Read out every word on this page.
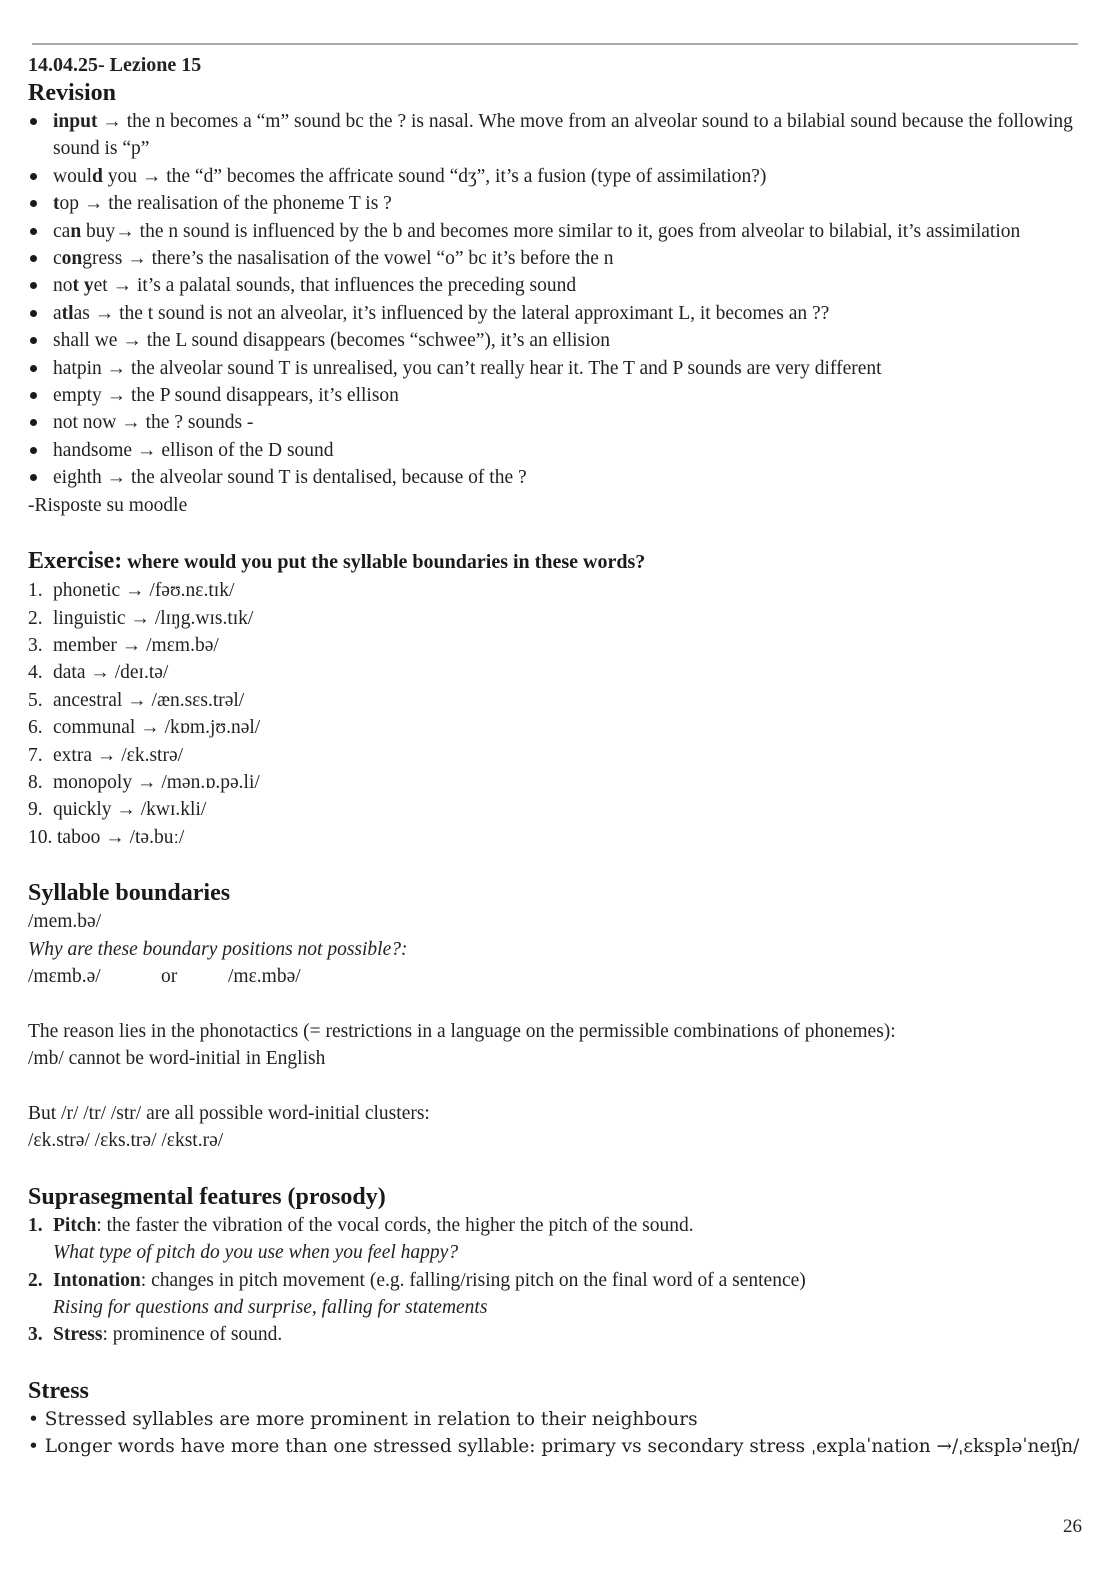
14.04.25- Lezione 15
Revision
input → the n becomes a “m” sound bc the ? is nasal. Whe move from an alveolar sound to a bilabial sound because the following sound is “p”
would you → the “d” becomes the affricate sound “dʒ”, it’s a fusion (type of assimilation?)
top → the realisation of the phoneme T is ?
can buy→ the n sound is influenced by the b and becomes more similar to it, goes from alveolar to bilabial, it’s assimilation
congress → there’s the nasalisation of the vowel “o” bc it’s before the n
not yet → it’s a palatal sounds, that influences the preceding sound
atlas → the t sound is not an alveolar, it’s influenced by the lateral approximant L, it becomes an ??
shall we → the L sound disappears (becomes “schwee”), it’s an ellision
hatpin → the alveolar sound T is unrealised, you can’t really hear it. The T and P sounds are very different
empty → the P sound disappears, it’s ellison
not now → the ? sounds -
handsome → ellison of the D sound
eighth → the alveolar sound T is dentalised, because of the ?

-Risposte su moodle

Exercise: where would you put the syllable boundaries in these words?
1. phonetic → /fəʊ.nɛ.tɪk/
2. linguistic → /lɪŋg.wɪs.tɪk/
3. member → /mɛm.bə/
4. data → /deɪ.tə/
5. ancestral → /æn.sɛs.trəl/
6. communal → /kɒm.jʊ.nəl/
7. extra → /ɛk.strə/
8. monopoly → /mən.ɒ.pə.li/
9. quickly → /kwɪ.kli/
10. taboo → /tə.buː/
Syllable boundaries

/mem.bə/

Why are these boundary positions not possible?:

/mɛmb.ə/	or	/mɛ.mbə/

The reason lies in the phonotactics (= restrictions in a language on the permissible combinations of phonemes):

/mb/ cannot be word-initial in English

But /r/ /tr/ /str/ are all possible word-initial clusters:

/ɛk.strə/ /ɛks.trə/ /ɛkst.rə/

Suprasegmental features (prosody)
1. Pitch: the faster the vibration of the vocal cords, the higher the pitch of the sound.
What type of pitch do you use when you feel happy?
2. Intonation: changes in pitch movement (e.g. falling/rising pitch on the final word of a sentence)
Rising for questions and surprise, falling for statements
3. Stress: prominence of sound.
Stress
• Stressed syllables are more prominent in relation to their neighbours
• Longer words have more than one stressed syllable: primary vs secondary stress ˌexplaˈnation →/ˌɛkspləˈneɪʃn/
26
